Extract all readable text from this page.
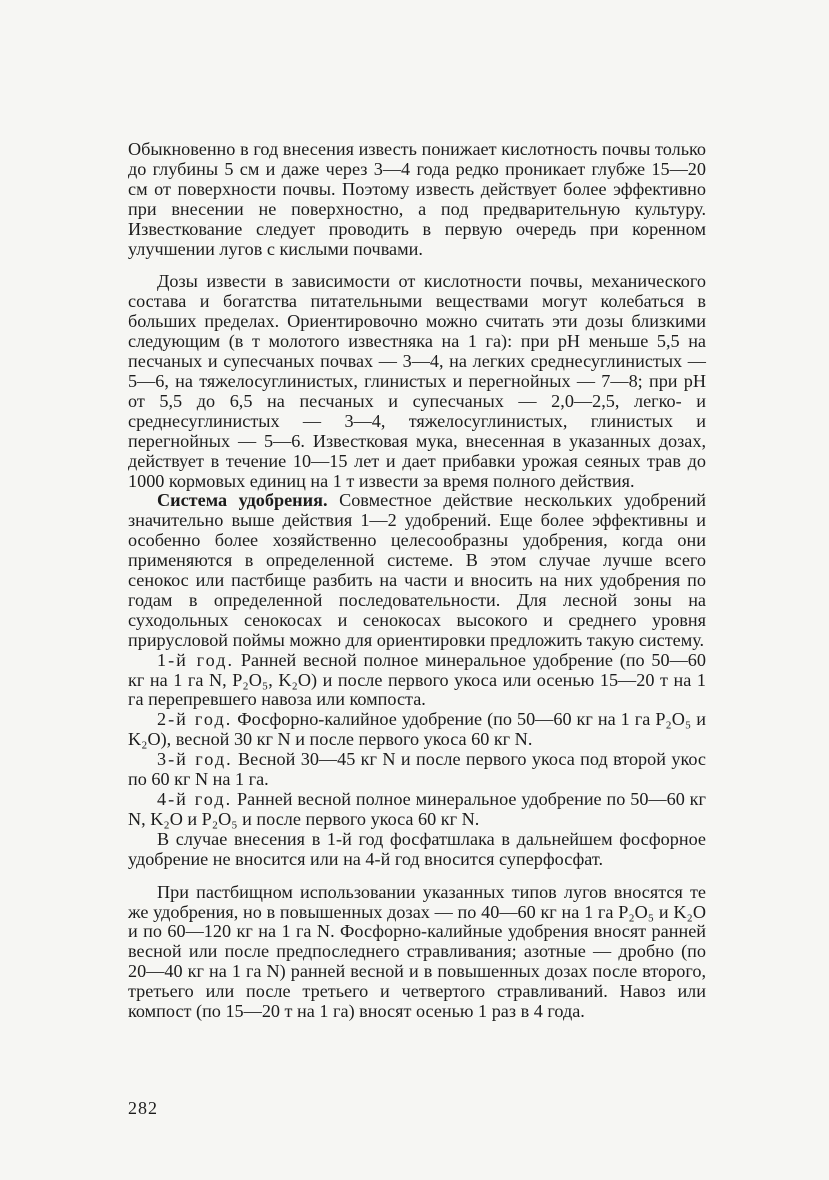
Обыкновенно в год внесения известь понижает кислотность почвы только до глубины 5 см и даже через 3—4 года редко проникает глубже 15—20 см от поверхности почвы. Поэтому известь действует более эффективно при внесении не поверхностно, а под предварительную культуру. Известкование следует проводить в первую очередь при коренном улучшении лугов с кислыми почвами.

Дозы извести в зависимости от кислотности почвы, механического состава и богатства питательными веществами могут колебаться в больших пределах. Ориентировочно можно считать эти дозы близкими следующим (в т молотого известняка на 1 га): при pH меньше 5,5 на песчаных и супесчаных почвах — 3—4, на легких среднесуглинистых — 5—6, на тяжелосуглинистых, глинистых и перегнойных — 7—8; при pH от 5,5 до 6,5 на песчаных и супесчаных — 2,0—2,5, легко- и среднесуглинистых — 3—4, тяжелосуглинистых, глинистых и перегнойных — 5—6. Известковая мука, внесенная в указанных дозах, действует в течение 10—15 лет и дает прибавки урожая сеяных трав до 1000 кормовых единиц на 1 т извести за время полного действия.

Система удобрения. Совместное действие нескольких удобрений значительно выше действия 1—2 удобрений. Еще более эффективны и особенно более хозяйственно целесообразны удобрения, когда они применяются в определенной системе. В этом случае лучше всего сенокос или пастбище разбить на части и вносить на них удобрения по годам в определенной последовательности. Для лесной зоны на суходольных сенокосах и сенокосах высокого и среднего уровня прирусловой поймы можно для ориентировки предложить такую систему.

1-й год. Ранней весной полное минеральное удобрение (по 50—60 кг на 1 га N, P₂O₅, K₂O) и после первого укоса или осенью 15—20 т на 1 га перепревшего навоза или компоста.

2-й год. Фосфорно-калийное удобрение (по 50—60 кг на 1 га P₂O₅ и K₂O), весной 30 кг N и после первого укоса 60 кг N.

3-й год. Весной 30—45 кг N и после первого укоса под второй укос по 60 кг N на 1 га.

4-й год. Ранней весной полное минеральное удобрение по 50—60 кг N, K₂O и P₂O₅ и после первого укоса 60 кг N.

В случае внесения в 1-й год фосфатшлака в дальнейшем фосфорное удобрение не вносится или на 4-й год вносится суперфосфат.

При пастбищном использовании указанных типов лугов вносятся те же удобрения, но в повышенных дозах — по 40—60 кг на 1 га P₂O₅ и K₂O и по 60—120 кг на 1 га N. Фосфорно-калийные удобрения вносят ранней весной или после предпоследнего стравливания; азотные — дробно (по 20—40 кг на 1 га N) ранней весной и в повышенных дозах после второго, третьего или после третьего и четвертого стравливаний. Навоз или компост (по 15—20 т на 1 га) вносят осенью 1 раз в 4 года.

282
